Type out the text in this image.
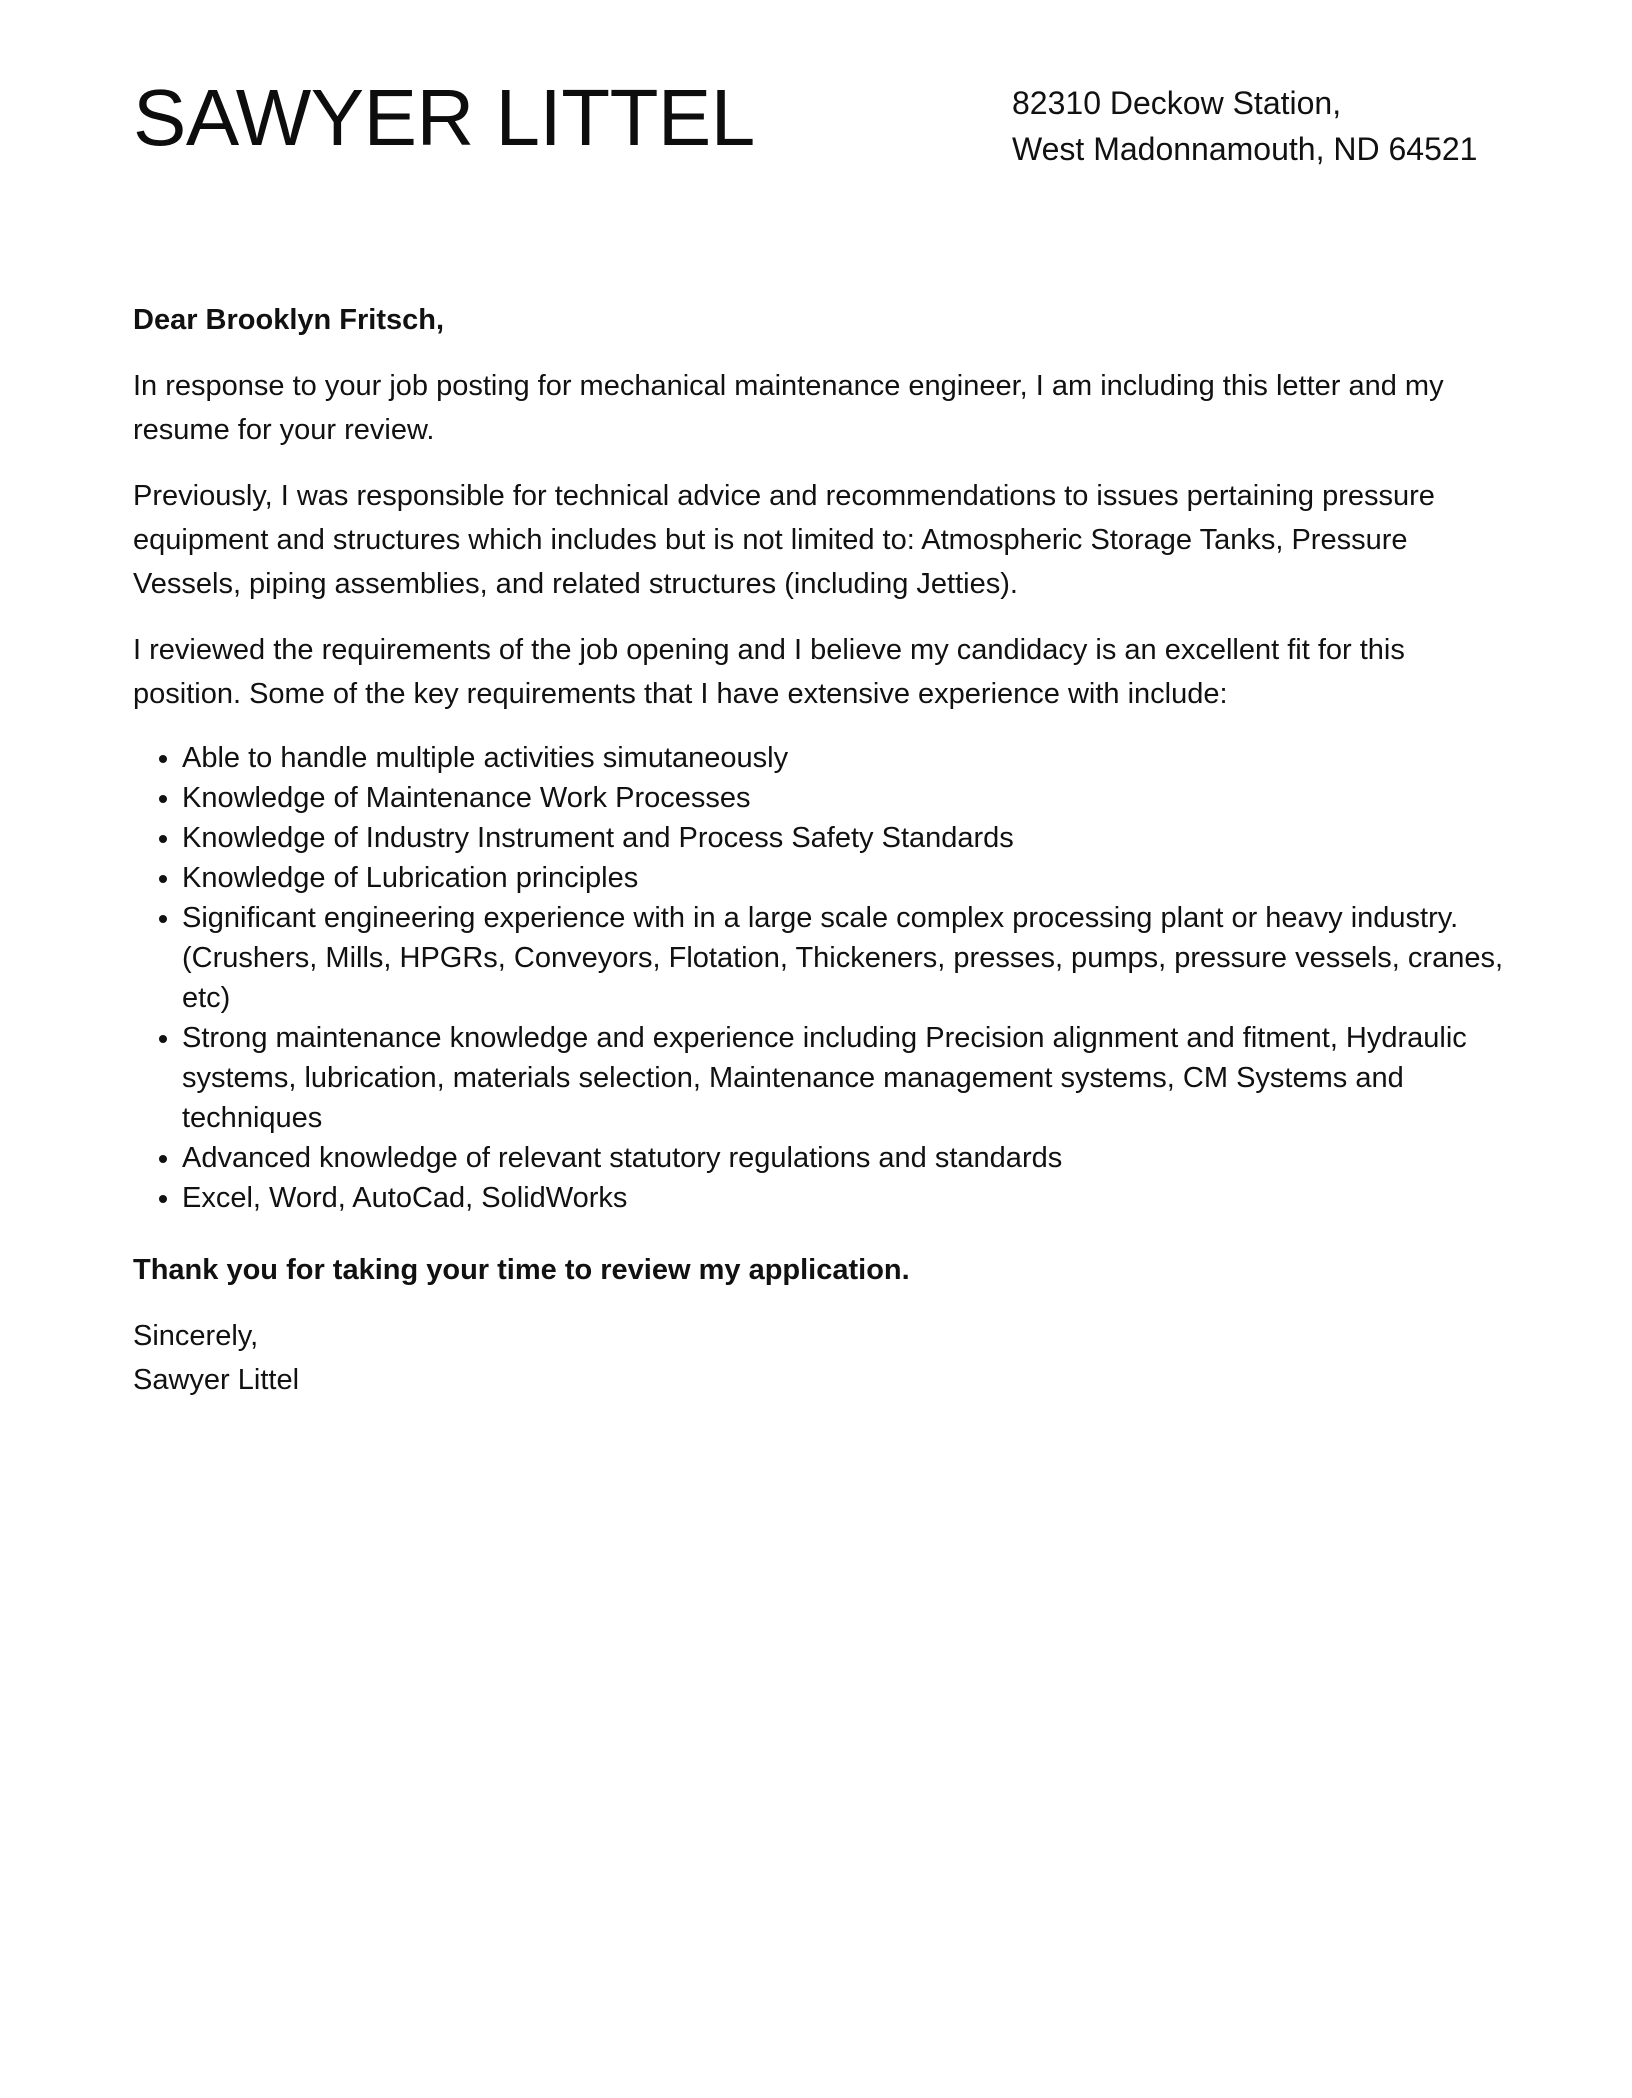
SAWYER LITTEL	82310 Deckow Station,
West Madonnamouth, ND 64521

Dear Brooklyn Fritsch,

In response to your job posting for mechanical maintenance engineer, I am including this letter and my resume for your review.

Previously, I was responsible for technical advice and recommendations to issues pertaining pressure equipment and structures which includes but is not limited to: Atmospheric Storage Tanks, Pressure Vessels, piping assemblies, and related structures (including Jetties).

I reviewed the requirements of the job opening and I believe my candidacy is an excellent fit for this position. Some of the key requirements that I have extensive experience with include:

• Able to handle multiple activities simutaneously
• Knowledge of Maintenance Work Processes
• Knowledge of Industry Instrument and Process Safety Standards
• Knowledge of Lubrication principles
• Significant engineering experience with in a large scale complex processing plant or heavy industry.(Crushers, Mills, HPGRs, Conveyors, Flotation, Thickeners, presses, pumps, pressure vessels, cranes, etc)
• Strong maintenance knowledge and experience including Precision alignment and fitment, Hydraulic systems, lubrication, materials selection, Maintenance management systems, CM Systems and techniques
• Advanced knowledge of relevant statutory regulations and standards
• Excel, Word, AutoCad, SolidWorks

Thank you for taking your time to review my application.

Sincerely,
Sawyer Littel
